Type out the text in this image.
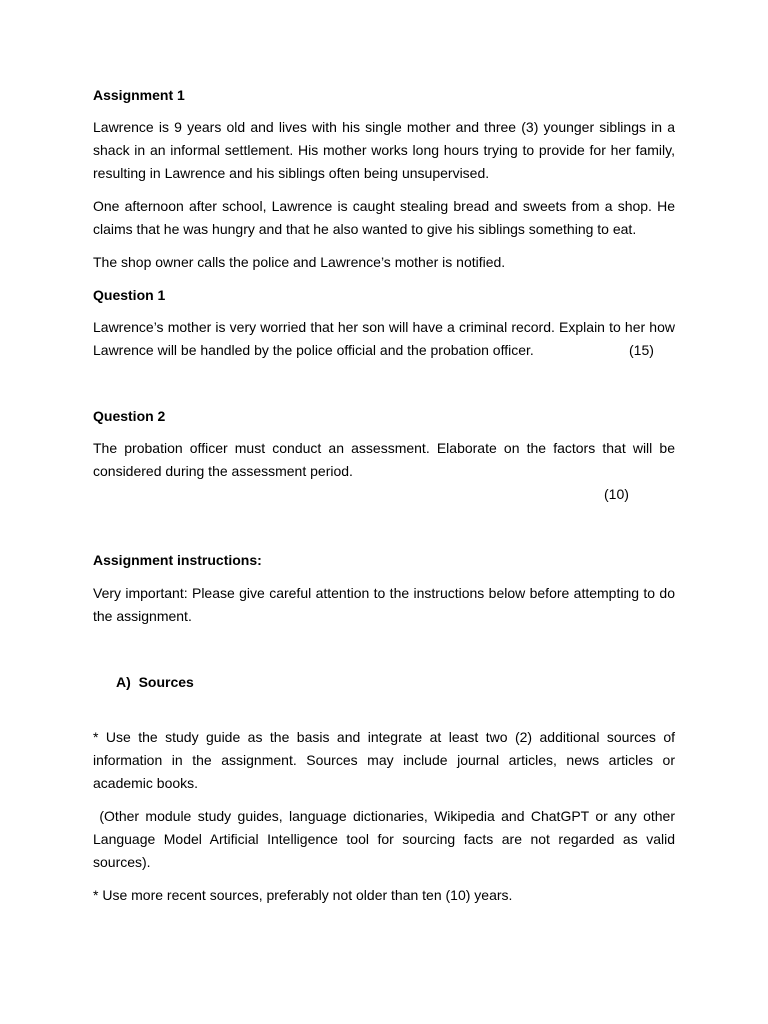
Assignment 1
Lawrence is 9 years old and lives with his single mother and three (3) younger siblings in a shack in an informal settlement. His mother works long hours trying to provide for her family, resulting in Lawrence and his siblings often being unsupervised.
One afternoon after school, Lawrence is caught stealing bread and sweets from a shop. He claims that he was hungry and that he also wanted to give his siblings something to eat.
The shop owner calls the police and Lawrence’s mother is notified.
Question 1
Lawrence’s mother is very worried that her son will have a criminal record. Explain to her how Lawrence will be handled by the police official and the probation officer.	(15)
Question 2
The probation officer must conduct an assessment. Elaborate on the factors that will be considered during the assessment period.
(10)
Assignment instructions:
Very important: Please give careful attention to the instructions below before attempting to do the assignment.
A) Sources
* Use the study guide as the basis and integrate at least two (2) additional sources of information in the assignment. Sources may include journal articles, news articles or academic books.
(Other module study guides, language dictionaries, Wikipedia and ChatGPT or any other Language Model Artificial Intelligence tool for sourcing facts are not regarded as valid sources).
* Use more recent sources, preferably not older than ten (10) years.
